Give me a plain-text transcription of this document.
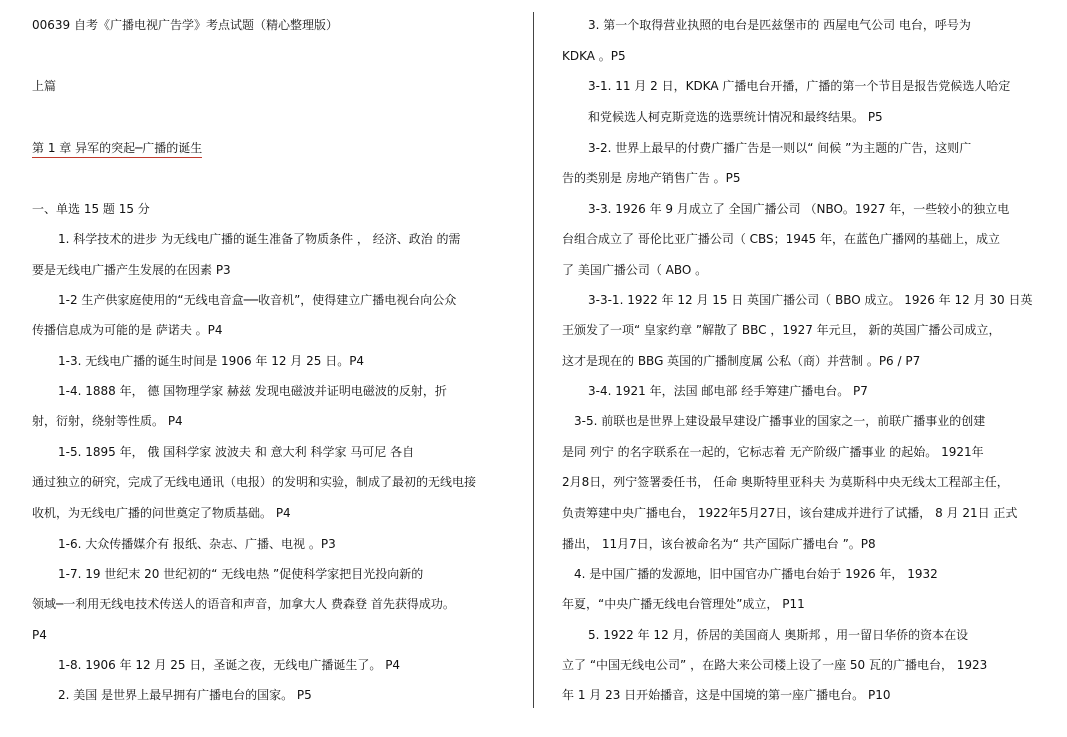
00639 自考《广播电视广告学》考点试题（精心整理版）
上篇
第 1 章 异军的突起─广播的诞生
一、单选 15 题 15 分
1. 科学技术的进步 为无线电广播的诞生准备了物质条件 ， 经济、政治 的需
要是无线电广播产生发展的在因素 P3
1-2 生产供家庭使用的“无线电音盒──收音机”，使得建立广播电视台向公众
传播信息成为可能的是 萨诺夫 。P4
1-3. 无线电广播的诞生时间是 1906 年 12 月 25 日。P4
1-4. 1888 年， 德 国物理学家 赫兹 发现电磁波并证明电磁波的反射，折
射，衍射，绕射等性质。 P4
1-5. 1895 年， 俄 国科学家 波波夫 和 意大利 科学家 马可尼 各自
通过独立的研究，完成了无线电通讯（电报）的发明和实验，制成了最初的无线电接
收机，为无线电广播的问世奠定了物质基础。 P4
1-6. 大众传播媒介有 报纸、杂志、广播、电视 。P3
1-7. 19 世纪末 20 世纪初的“ 无线电热 ”促使科学家把目光投向新的
领域─一利用无线电技术传送人的语音和声音，加拿大人 费森登 首先获得成功。
P4
1-8. 1906 年 12 月 25 日，圣诞之夜，无线电广播诞生了。 P4
2. 美国 是世界上最早拥有广播电台的国家。 P5
3. 第一个取得营业执照的电台是匹兹堡市的 西屋电气公司 电台，呼号为
KDKA 。P5
3-1. 11 月 2 日，KDKA 广播电台开播，广播的第一个节目是报告党候选人哈定
和党候选人柯克斯竞选的选票统计情况和最终结果。 P5
3-2. 世界上最早的付费广播广告是一则以“ 间候 ”为主题的广告，这则广
告的类别是 房地产销售广告 。P5
3-3. 1926 年 9 月成立了 全国广播公司 （NBO。1927 年，一些较小的独立电
台组合成立了 哥伦比亚广播公司（ CBS；1945 年，在蓝色广播网的基础上，成立
了 美国广播公司（ ABO 。
3-3-1. 1922 年 12 月 15 日 英国广播公司（ BBO 成立。 1926 年 12 月 30 日英
王颁发了一项“ 皇家约章 ”解散了 BBC ，1927 年元旦， 新的英国广播公司成立，
这才是现在的 BBG 英国的广播制度属 公私（商）并营制 。P6 / P7
3-4. 1921 年，法国 邮电部 经手筹建广播电台。 P7
3-5. 前联也是世界上建设最早建设广播事业的国家之一，前联广播事业的创建
是同 列宁 的名字联系在一起的，它标志着 无产阶级广播事业 的起始。 1921年
2月8日，列宁签署委任书， 任命 奥斯特里亚科夫 为莫斯科中央无线太工程部主任，
负责筹建中央广播电台， 1922年5月27日，该台建成并进行了试播， 8 月 21日 正式
播出， 11月7日，该台被命名为“ 共产国际广播电台 ”。P8
4. 是中国广播的发源地，旧中国官办广播电台始于 1926 年， 1932
年夏，“中央广播无线电台管理处”成立， P11
5. 1922 年 12 月，侨居的美国商人 奥斯邦 ，用一留日华侨的资本在设
立了 “中国无线电公司” ，在路大来公司楼上设了一座 50 瓦的广播电台， 1923
年 1 月 23 日开始播音，这是中国境的第一座广播电台。 P10
